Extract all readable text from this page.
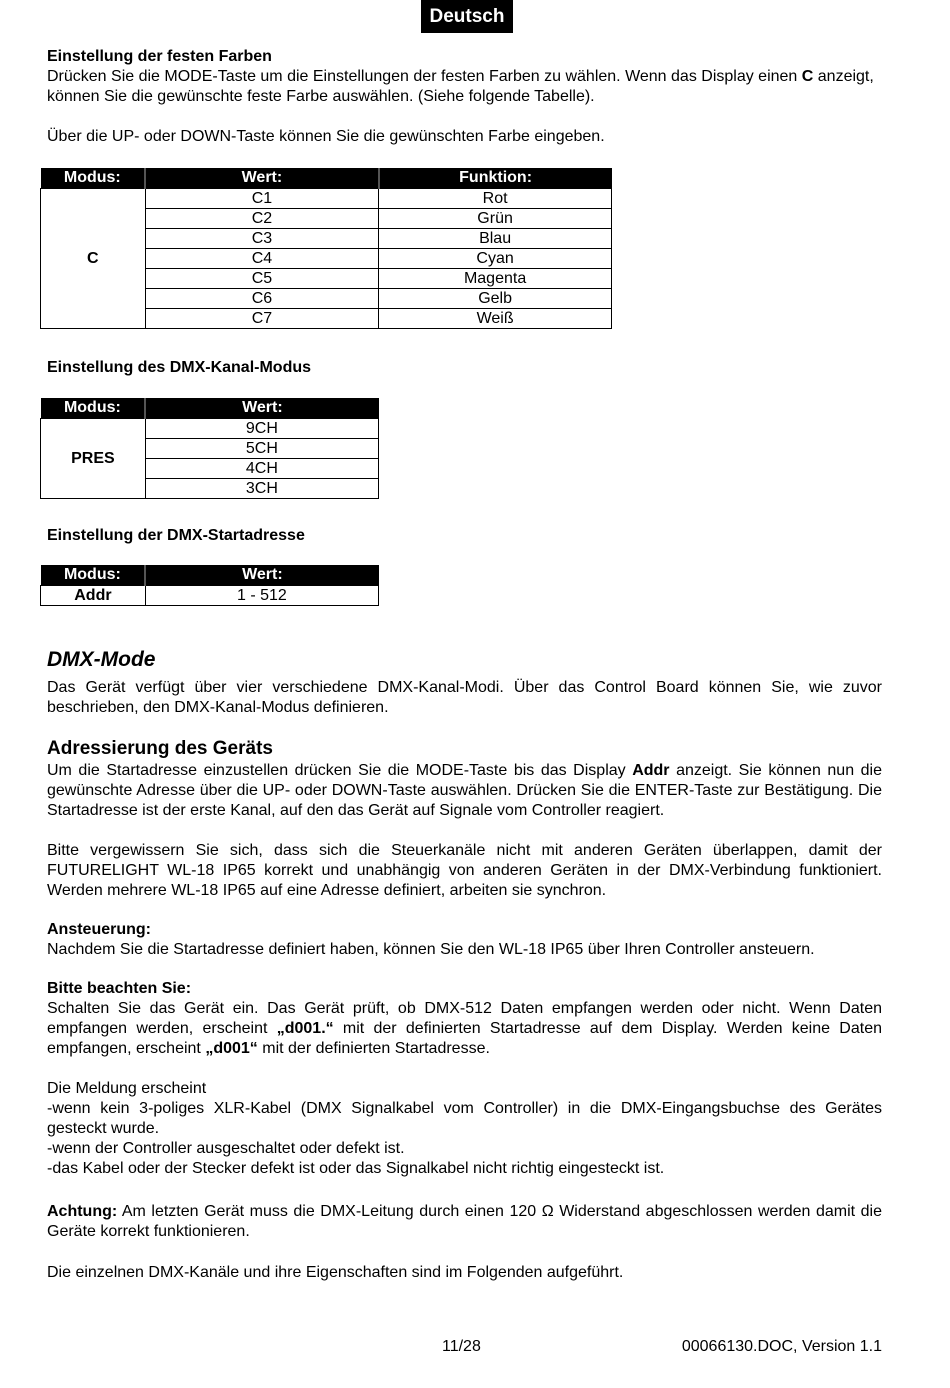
Deutsch
Einstellung der festen Farben
Drücken Sie die MODE-Taste um die Einstellungen der festen Farben zu wählen. Wenn das Display einen C anzeigt, können Sie die gewünschte feste Farbe auswählen. (Siehe folgende Tabelle).
Über die UP- oder DOWN-Taste können Sie die gewünschten Farbe eingeben.
Modus:	Wert:	Funktion:
C	C1	Rot
	C2	Grün
	C3	Blau
	C4	Cyan
	C5	Magenta
	C6	Gelb
	C7	Weiß
Einstellung des DMX-Kanal-Modus
Modus:	Wert:
PRES	9CH
	5CH
	4CH
	3CH
Einstellung der DMX-Startadresse
Modus:	Wert:
Addr	1 - 512
DMX-Mode
Das Gerät verfügt über vier verschiedene DMX-Kanal-Modi. Über das Control Board können Sie, wie zuvor beschrieben, den DMX-Kanal-Modus definieren.
Adressierung des Geräts
Um die Startadresse einzustellen drücken Sie die MODE-Taste bis das Display Addr anzeigt. Sie können nun die gewünschte Adresse über die UP- oder DOWN-Taste auswählen. Drücken Sie die ENTER-Taste zur Bestätigung. Die Startadresse ist der erste Kanal, auf den das Gerät auf Signale vom Controller reagiert.
Bitte vergewissern Sie sich, dass sich die Steuerkanäle nicht mit anderen Geräten überlappen, damit der FUTURELIGHT WL-18 IP65 korrekt und unabhängig von anderen Geräten in der DMX-Verbindung funktioniert. Werden mehrere WL-18 IP65 auf eine Adresse definiert, arbeiten sie synchron.
Ansteuerung:
Nachdem Sie die Startadresse definiert haben, können Sie den WL-18 IP65 über Ihren Controller ansteuern.
Bitte beachten Sie:
Schalten Sie das Gerät ein. Das Gerät prüft, ob DMX-512 Daten empfangen werden oder nicht. Wenn Daten empfangen werden, erscheint „d001.“ mit der definierten Startadresse auf dem Display. Werden keine Daten empfangen, erscheint „d001“ mit der definierten Startadresse.
Die Meldung erscheint
-wenn kein 3-poliges XLR-Kabel (DMX Signalkabel vom Controller) in die DMX-Eingangsbuchse des Gerätes gesteckt wurde.
-wenn der Controller ausgeschaltet oder defekt ist.
-das Kabel oder der Stecker defekt ist oder das Signalkabel nicht richtig eingesteckt ist.
Achtung: Am letzten Gerät muss die DMX-Leitung durch einen 120 Ω Widerstand abgeschlossen werden damit die Geräte korrekt funktionieren.
Die einzelnen DMX-Kanäle und ihre Eigenschaften sind im Folgenden aufgeführt.
11/28	00066130.DOC, Version 1.1
